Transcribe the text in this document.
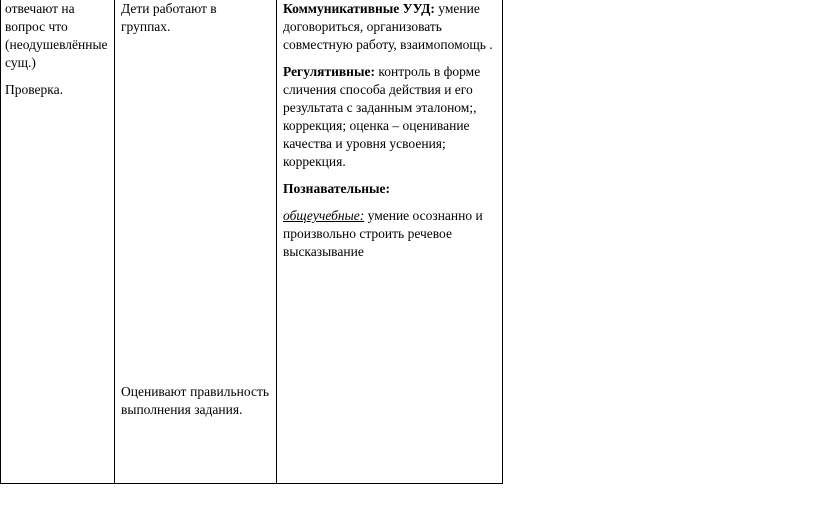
отвечают на вопрос что (неодушевлённые сущ.)

Проверка.

Дети работают в группах.

Оценивают правильность выполнения задания.

Коммуникативные УУД: умение договориться, организовать совместную работу, взаимопомощь .

Регулятивные: контроль в форме сличения способа действия и его результата с заданным эталоном;, коррекция; оценка – оценивание качества и уровня усвоения; коррекция.

Познавательные:

общеучебные: умение осознанно и произвольно строить речевое высказывание
